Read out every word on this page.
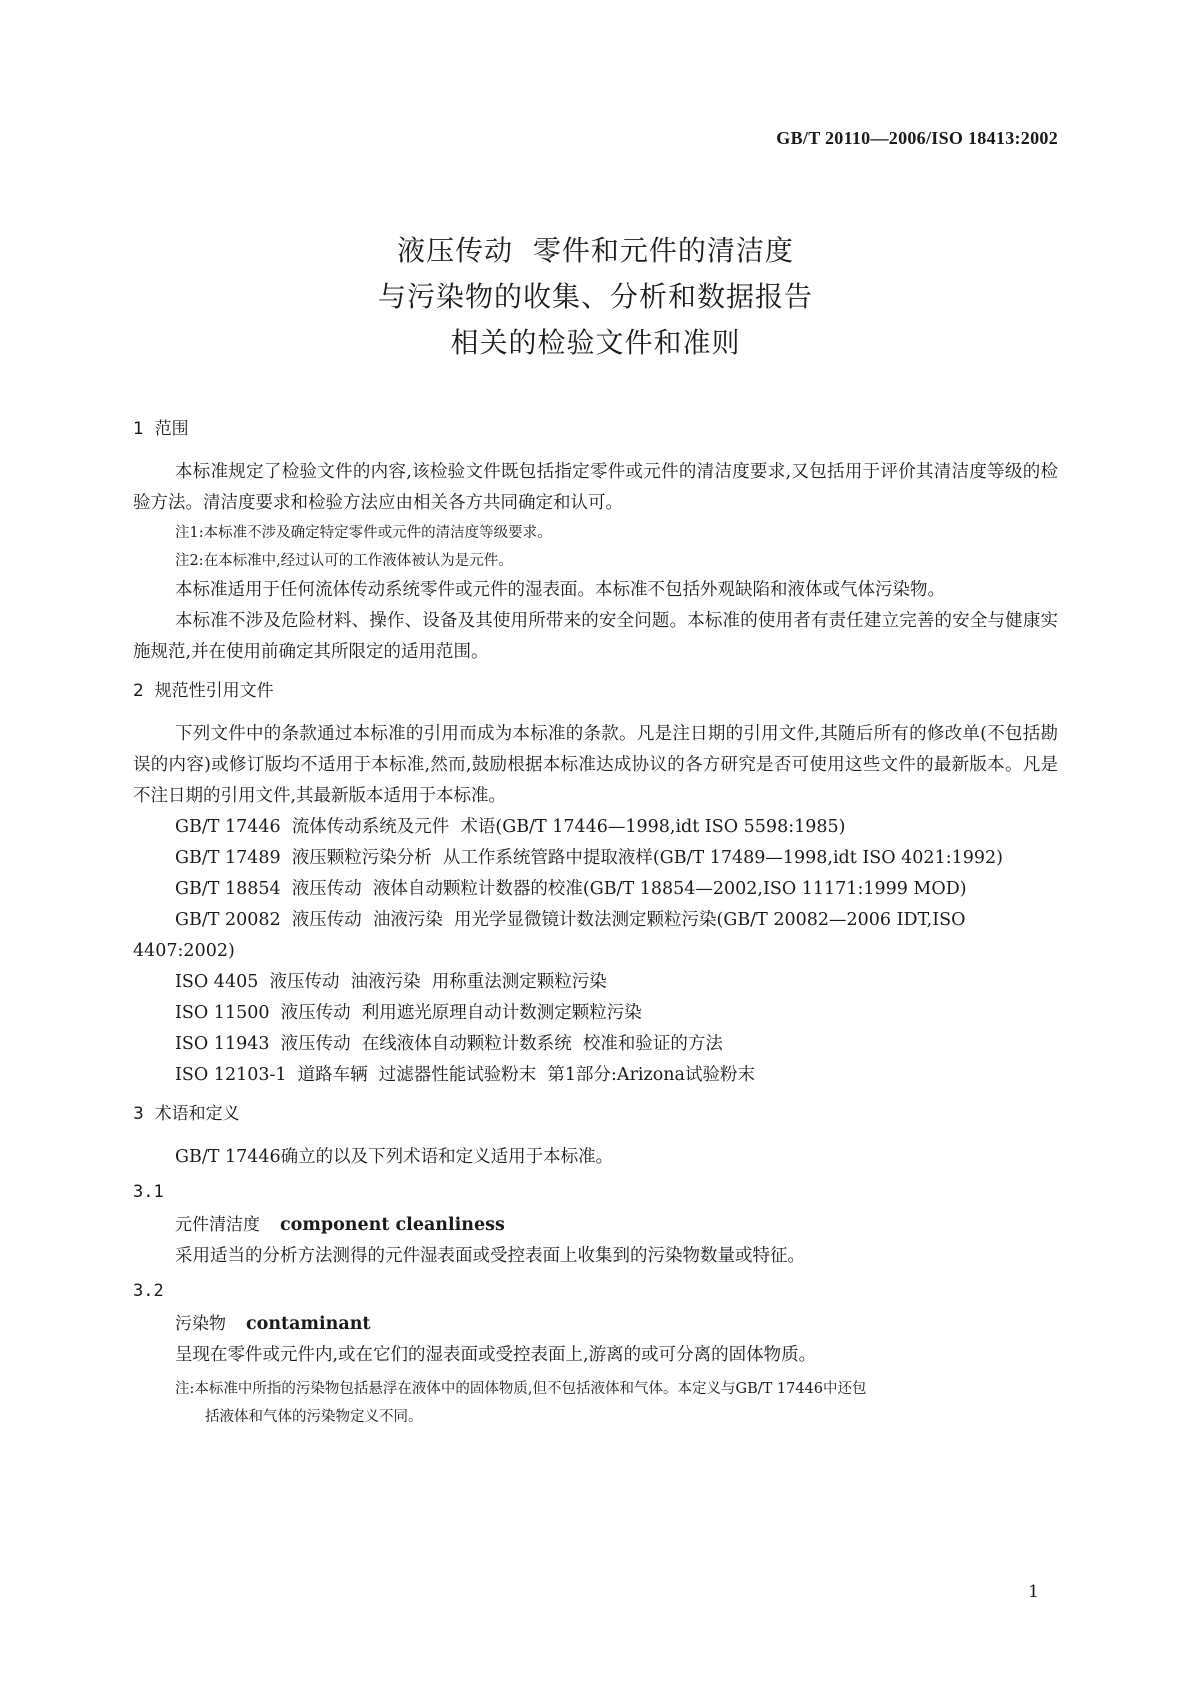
GB/T 20110—2006/ISO 18413:2002
液压传动  零件和元件的清洁度
与污染物的收集、分析和数据报告
相关的检验文件和准则
1  范围

本标准规定了检验文件的内容,该检验文件既包括指定零件或元件的清洁度要求,又包括用于评价其清洁度等级的检验方法。清洁度要求和检验方法应由相关各方共同确定和认可。

注1:本标准不涉及确定特定零件或元件的清洁度等级要求。

注2:在本标准中,经过认可的工作液体被认为是元件。

本标准适用于任何流体传动系统零件或元件的湿表面。本标准不包括外观缺陷和液体或气体污染物。

本标准不涉及危险材料、操作、设备及其使用所带来的安全问题。本标准的使用者有责任建立完善的安全与健康实施规范,并在使用前确定其所限定的适用范围。

2  规范性引用文件

下列文件中的条款通过本标准的引用而成为本标准的条款。凡是注日期的引用文件,其随后所有的修改单(不包括勘误的内容)或修订版均不适用于本标准,然而,鼓励根据本标准达成协议的各方研究是否可使用这些文件的最新版本。凡是不注日期的引用文件,其最新版本适用于本标准。

GB/T 17446  流体传动系统及元件  术语(GB/T 17446—1998,idt ISO 5598:1985)

GB/T 17489  液压颗粒污染分析  从工作系统管路中提取液样(GB/T 17489—1998,idt ISO 4021:1992)

GB/T 18854  液压传动  液体自动颗粒计数器的校准(GB/T 18854—2002,ISO 11171:1999 MOD)

GB/T 20082  液压传动  油液污染  用光学显微镜计数法测定颗粒污染(GB/T 20082—2006 IDT,ISO 4407:2002)

ISO 4405  液压传动  油液污染  用称重法测定颗粒污染

ISO 11500  液压传动  利用遮光原理自动计数测定颗粒污染

ISO 11943  液压传动  在线液体自动颗粒计数系统  校准和验证的方法

ISO 12103-1  道路车辆  过滤器性能试验粉末  第1部分:Arizona试验粉末

3  术语和定义

GB/T 17446确立的以及下列术语和定义适用于本标准。

3.1

元件清洁度 component cleanliness

采用适当的分析方法测得的元件湿表面或受控表面上收集到的污染物数量或特征。

3.2

污染物 contaminant

呈现在零件或元件内,或在它们的湿表面或受控表面上,游离的或可分离的固体物质。

注:本标准中所指的污染物包括悬浮在液体中的固体物质,但不包括液体和气体。本定义与GB/T 17446中还包
括液体和气体的污染物定义不同。

1
